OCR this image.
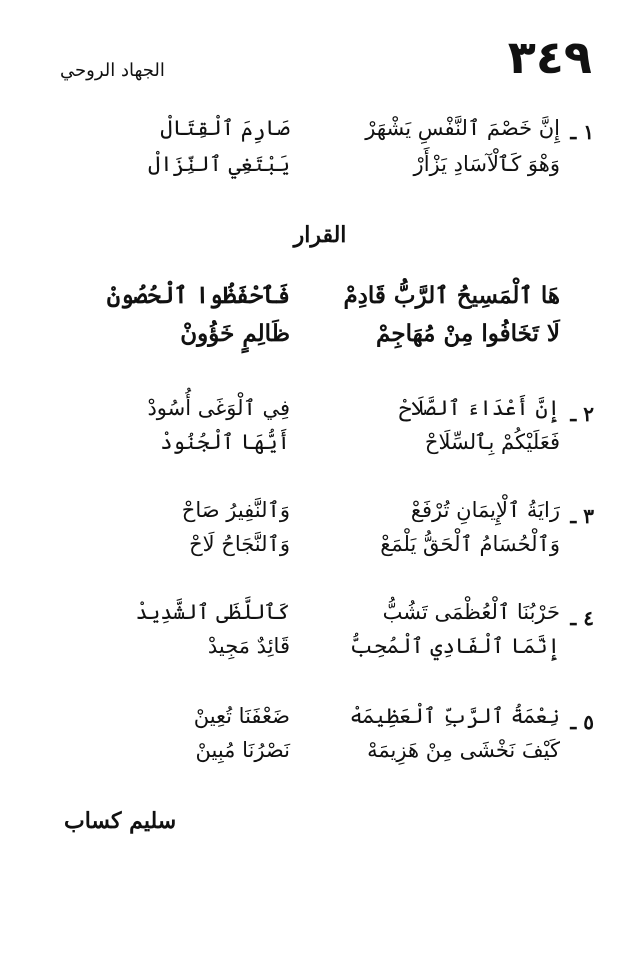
٣٤٩
الجهاد الروحي
١ ـ
إِنَّ خَصْمَ ٱلنَّفْسِ يَشْهَرْ
صَارِمَ ٱلْقِتَالْ
وَهْوَ كَٱلْآسَادِ يَزْأَرْ
يَبْتَغِي ٱلنِّزَالْ
القرار
هَا ٱلْمَسِيحُ ٱلرَّبُّ قَادِمْ
فَٱحْفَظُوا ٱلْحُصُونْ
لَا تَخَافُوا مِنْ مُهَاجِمْ
ظَالِمٍ خَؤُونْ
٢ ـ
إِنَّ أَعْدَاءَ ٱلصَّلَاحْ
فِي ٱلْوَغَى أُسُودْ
فَعَلَيْكُمْ بِٱلسِّلَاحْ
أَيُّهَا ٱلْجُنُودْ
٣ ـ
رَايَةُ ٱلْإِيمَانِ تُرْفَعْ
وَٱلنَّفِيرُ صَاحْ
وَٱلْحُسَامُ ٱلْحَقُّ يَلْمَعْ
وَٱلنَّجَاحُ لَاحْ
٤ ـ
حَرْبُنَا ٱلْعُظْمَى تَشُبُّ
كَٱللَّظَى ٱلشَّدِيدْ
إِنَّمَا ٱلْفَادِي ٱلْمُحِبُّ
قَائِدٌ مَجِيدْ
٥ ـ
نِعْمَةُ ٱلرَّبِّ ٱلْعَظِيمَهْ
ضَعْفَنَا تُعِينْ
كَيْفَ نَخْشَى مِنْ هَزِيمَهْ
نَصْرُنَا مُبِينْ
سليم كساب
